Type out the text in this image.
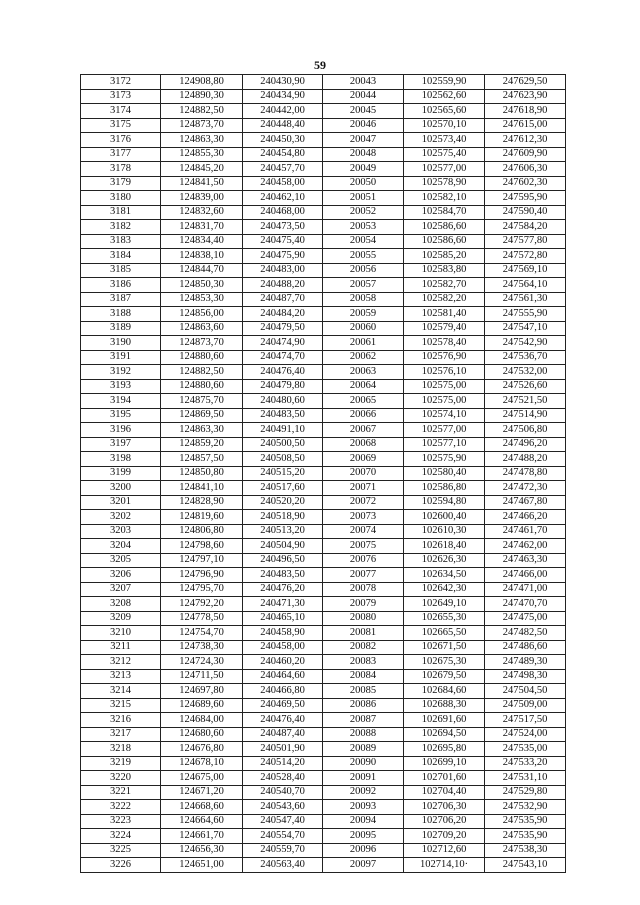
59
3172	124908,80	240430,90	20043	102559,90	247629,50
3173	124890,30	240434,90	20044	102562,60	247623,90
3174	124882,50	240442,00	20045	102565,60	247618,90
3175	124873,70	240448,40	20046	102570,10	247615,00
3176	124863,30	240450,30	20047	102573,40	247612,30
3177	124855,30	240454,80	20048	102575,40	247609,90
3178	124845,20	240457,70	20049	102577,00	247606,30
3179	124841,50	240458,00	20050	102578,90	247602,30
3180	124839,00	240462,10	20051	102582,10	247595,90
3181	124832,60	240468,00	20052	102584,70	247590,40
3182	124831,70	240473,50	20053	102586,60	247584,20
3183	124834,40	240475,40	20054	102586,60	247577,80
3184	124838,10	240475,90	20055	102585,20	247572,80
3185	124844,70	240483,00	20056	102583,80	247569,10
3186	124850,30	240488,20	20057	102582,70	247564,10
3187	124853,30	240487,70	20058	102582,20	247561,30
3188	124856,00	240484,20	20059	102581,40	247555,90
3189	124863,60	240479,50	20060	102579,40	247547,10
3190	124873,70	240474,90	20061	102578,40	247542,90
3191	124880,60	240474,70	20062	102576,90	247536,70
3192	124882,50	240476,40	20063	102576,10	247532,00
3193	124880,60	240479,80	20064	102575,00	247526,60
3194	124875,70	240480,60	20065	102575,00	247521,50
3195	124869,50	240483,50	20066	102574,10	247514,90
3196	124863,30	240491,10	20067	102577,00	247506,80
3197	124859,20	240500,50	20068	102577,10	247496,20
3198	124857,50	240508,50	20069	102575,90	247488,20
3199	124850,80	240515,20	20070	102580,40	247478,80
3200	124841,10	240517,60	20071	102586,80	247472,30
3201	124828,90	240520,20	20072	102594,80	247467,80
3202	124819,60	240518,90	20073	102600,40	247466,20
3203	124806,80	240513,20	20074	102610,30	247461,70
3204	124798,60	240504,90	20075	102618,40	247462,00
3205	124797,10	240496,50	20076	102626,30	247463,30
3206	124796,90	240483,50	20077	102634,50	247466,00
3207	124795,70	240476,20	20078	102642,30	247471,00
3208	124792,20	240471,30	20079	102649,10	247470,70
3209	124778,50	240465,10	20080	102655,30	247475,00
3210	124754,70	240458,90	20081	102665,50	247482,50
3211	124738,30	240458,00	20082	102671,50	247486,60
3212	124724,30	240460,20	20083	102675,30	247489,30
3213	124711,50	240464,60	20084	102679,50	247498,30
3214	124697,80	240466,80	20085	102684,60	247504,50
3215	124689,60	240469,50	20086	102688,30	247509,00
3216	124684,00	240476,40	20087	102691,60	247517,50
3217	124680,60	240487,40	20088	102694,50	247524,00
3218	124676,80	240501,90	20089	102695,80	247535,00
3219	124678,10	240514,20	20090	102699,10	247533,20
3220	124675,00	240528,40	20091	102701,60	247531,10
3221	124671,20	240540,70	20092	102704,40	247529,80
3222	124668,60	240543,60	20093	102706,30	247532,90
3223	124664,60	240547,40	20094	102706,20	247535,90
3224	124661,70	240554,70	20095	102709,20	247535,90
3225	124656,30	240559,70	20096	102712,60	247538,30
3226	124651,00	240563,40	20097	102714,10·	247543,10
